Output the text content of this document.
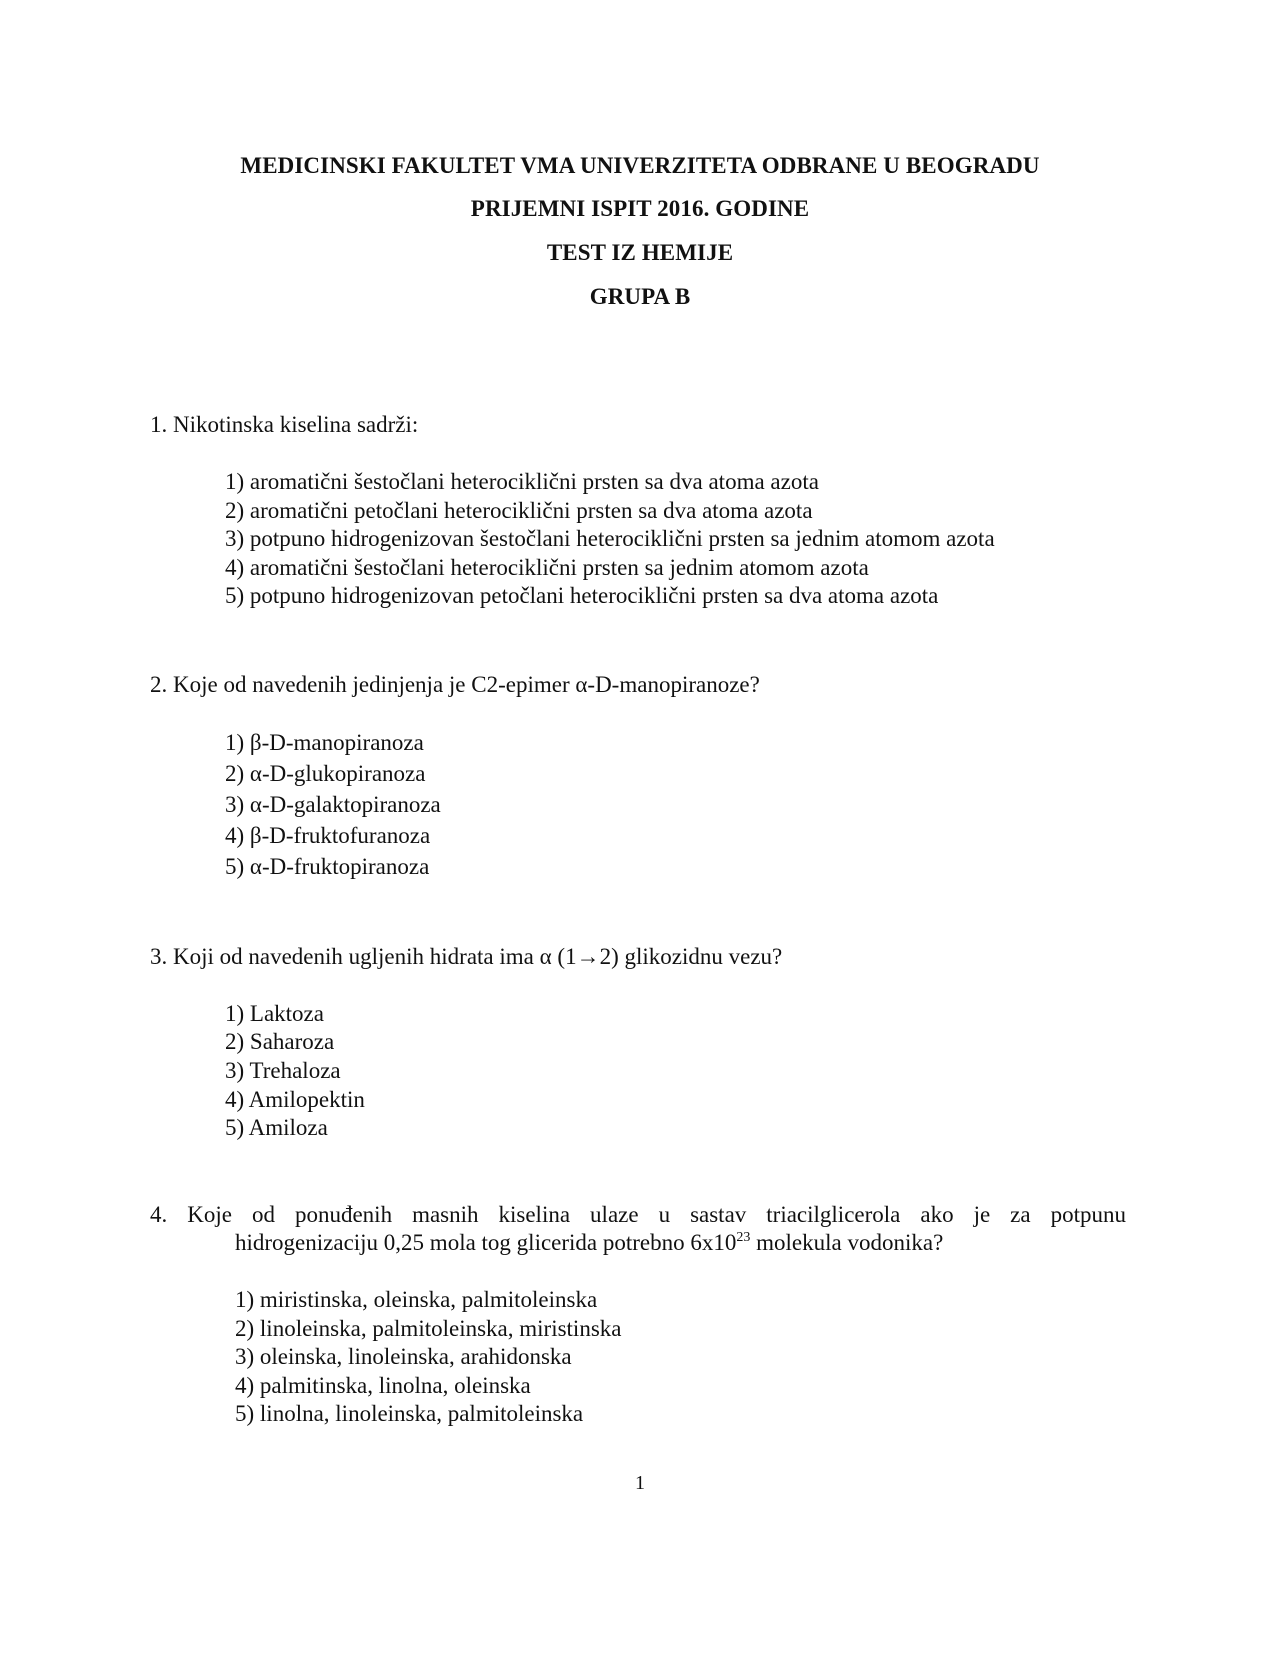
MEDICINSKI FAKULTET VMA UNIVERZITETA ODBRANE U BEOGRADU
PRIJEMNI ISPIT 2016. GODINE
TEST IZ HEMIJE
GRUPA B
1. Nikotinska kiselina sadrži:
1) aromatični šestočlani heterociklični prsten sa dva atoma azota
2) aromatični petočlani heterociklični prsten sa dva atoma azota
3) potpuno hidrogenizovan šestočlani heterociklični prsten sa jednim atomom azota
4) aromatični šestočlani heterociklični prsten sa jednim atomom azota
5) potpuno hidrogenizovan petočlani heterociklični prsten sa dva atoma azota
2. Koje od navedenih jedinjenja je C2-epimer α-D-manopiranoze?
1) β-D-manopiranoza
2) α-D-glukopiranoza
3) α-D-galaktopiranoza
4) β-D-fruktofuranoza
5) α-D-fruktopiranoza
3. Koji od navedenih ugljenih hidrata ima α (1→2) glikozidnu vezu?
1) Laktoza
2) Saharoza
3) Trehaloza
4) Amilopektin
5) Amiloza
4. Koje od ponuđenih masnih kiselina ulaze u sastav triacilglicerola ako je za potpunu
hidrogenizaciju 0,25 mola tog glicerida potrebno $6x10^{23}$ molekula vodonika?
1) miristinska, oleinska, palmitoleinska
2) linoleinska, palmitoleinska, miristinska
3) oleinska, linoleinska, arahidonska
4) palmitinska, linolna, oleinska
5) linolna, linoleinska, palmitoleinska
1
